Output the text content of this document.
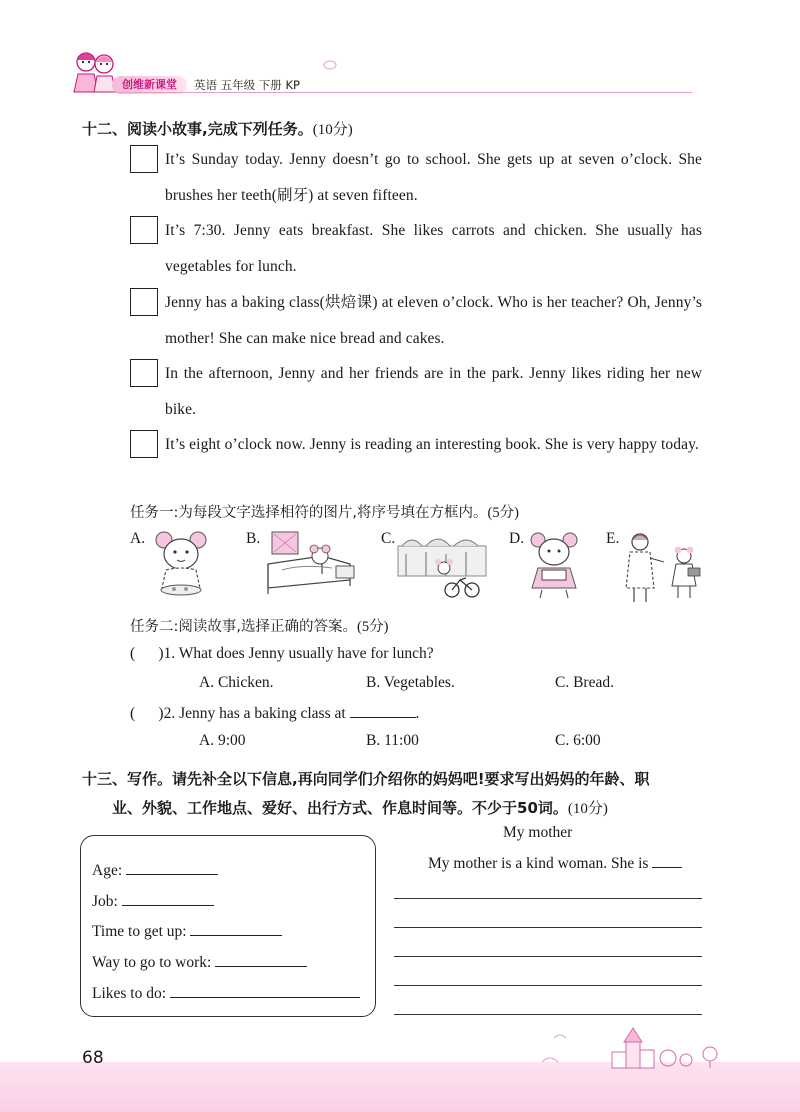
创维新课堂	英语 五年级 下册 KP
十二、阅读小故事,完成下列任务。(10分)
It’s Sunday today. Jenny doesn’t go to school. She gets up at seven o’clock. She brushes her teeth(刷牙) at seven fifteen.
It’s 7:30. Jenny eats breakfast. She likes carrots and chicken. She usually has vegetables for lunch.
Jenny has a baking class(烘焙课) at eleven o’clock. Who is her teacher? Oh, Jenny’s mother! She can make nice bread and cakes.
In the afternoon, Jenny and her friends are in the park. Jenny likes riding her new bike.
It’s eight o’clock now. Jenny is reading an interesting book. She is very happy today.
任务一:为每段文字选择相符的图片,将序号填在方框内。(5分)
A.	B.	C.	D.	E.
任务二:阅读故事,选择正确的答案。(5分)
(      )1. What does Jenny usually have for lunch?
A. Chicken.	B. Vegetables.	C. Bread.
(      )2. Jenny has a baking class at	.
A. 9:00	B. 11:00	C. 6:00
十三、写作。请先补全以下信息,再向同学们介绍你的妈妈吧!要求写出妈妈的年龄、职
业、外貌、工作地点、爱好、出行方式、作息时间等。不少于50词。(10分)
Age:
Job:
Time to get up:
Way to go to work:
Likes to do:
My mother
My mother is a kind woman. She is
68
